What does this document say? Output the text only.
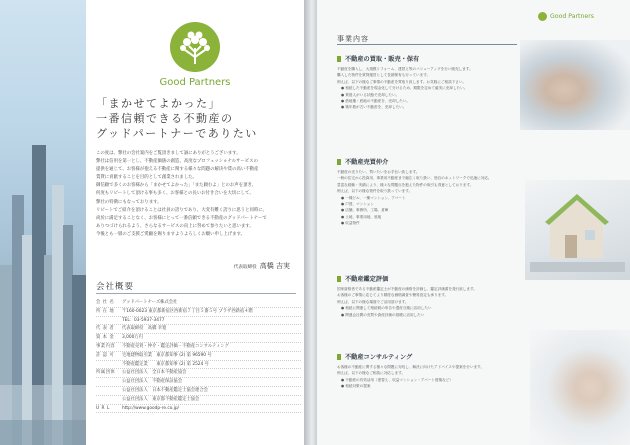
Good Partners
「まかせてよかった」
一番信頼できる不動産の
グッドパートナーでありたい

この度は、弊社の会社案内をご覧頂きまして誠にありがとうございます。

弊社は信用を第一とし、不動産価値の創造、高度なプロフェッショナルサービスの

提供を通じて、お客様が抱える不動産に関する様々な問題の解決や賃の高い不動産

賃貸に貢献することを目的として創業されました。

御信頼で多くのお客様から「まかせてよかった」「また頼むよ」とのお声を頂き、

何度もリピートして頂ける事も多く、お客様との長いお付き合いを大切にして、

弊社の特徴にもなっております。

リピートでご紹介を頂けることは社員の誇りであり、大変有難く誇りに思うと同時に、

尚於に満足することなく、お客様にとって一番信頼できる不動産のグッドパートナーで

ありつづけられるよう、さらなるサービスの向上に努めて参りたいと思います。

今後とも一層のご支援ご愛顧を賜りますようよろしくお願い申し上げます。

代表取締役 高橋 吉実
会社概要
会 社 名	グッドパートナーズ株式会社
所 在 地	〒160-0023 東京都新宿区西新宿７丁目５番５号 プラザ西新宿４階
TEL：03-5937-3477
代 表 者	代表取締役　高橋 幸寛
資 本 金	3,000万円
事業内容	不動産売買・仲介・鑑定評価・不動産コンサルティング
許 認 可	宅地建物取引業　東京都知事 (2) 第 96590 号
不動産鑑定業　　東京都知事 (2) 第 2524 号
所属団体	公益社団法人　全日本不動産協会
公益社団法人　不動産保証協会
公益社団法人　日本不動産鑑定士協会連合会
公益社団法人　東京都不動産鑑定士協会
U R L	http://www.goodp-re.co.jp/
Good Partners
事業内容
不動産の買取・販売・保有
不動産を購入し、大規模リフォーム、建替え等のバリューアップを行い販売します。
購入した物件を賃貸運営として長期保有も行っています。
例えば、以下の様なご事情の不動産を買取り致します。お気軽にご相談下さい。
● 相続した不動産を現金化して分けるため、期限を定めて確実に売却したい。
● 賃借人がいる状態で売却したい。
● 借地権・底地の不動産を、売却したい。
● 築年数が古い不動産を、売却したい。
不動産売買仲介
不動産の売りたい、買いたいをお手伝い致します。
一般の住宅から投資用、事業用不動産まで幅広く取り扱い、独自のネットワークで迅速に対応。
豊富な経験・実績により、様々な問題点を抱えた物件の取引も得意としております。
例えば、以下の様な物件を取り扱っています。
● 一棟ビル、一棟マンション、アパート
● 戸建、マンション
● 店舗、事務所、工場、倉庫
● 土地、事業用地、底地
● 収益物件
不動産鑑定評価
国家資格者である不動産鑑定士が不動産の価格を評価し、鑑定評価書を発行致します。
お客様のご事情に応じてより精度な価格調査や簡易査定も承ります。
例えば、以下の様な場面でご活用頂けます。
● 相続に関連して相続税の申告や遺産分割に活用したい
● 関連会社間の売買や資産評価の基礎に活用したい
不動産コンサルティング
お客様の不動産に関する様々な問題に対処し、解決に向けたアドバイスや提案を行います。
例えば、以下の様なご相談に対応します。
● 不動産の有効活用（建替え、収益マンション・アパート建築など）
● 相続対策の提案
